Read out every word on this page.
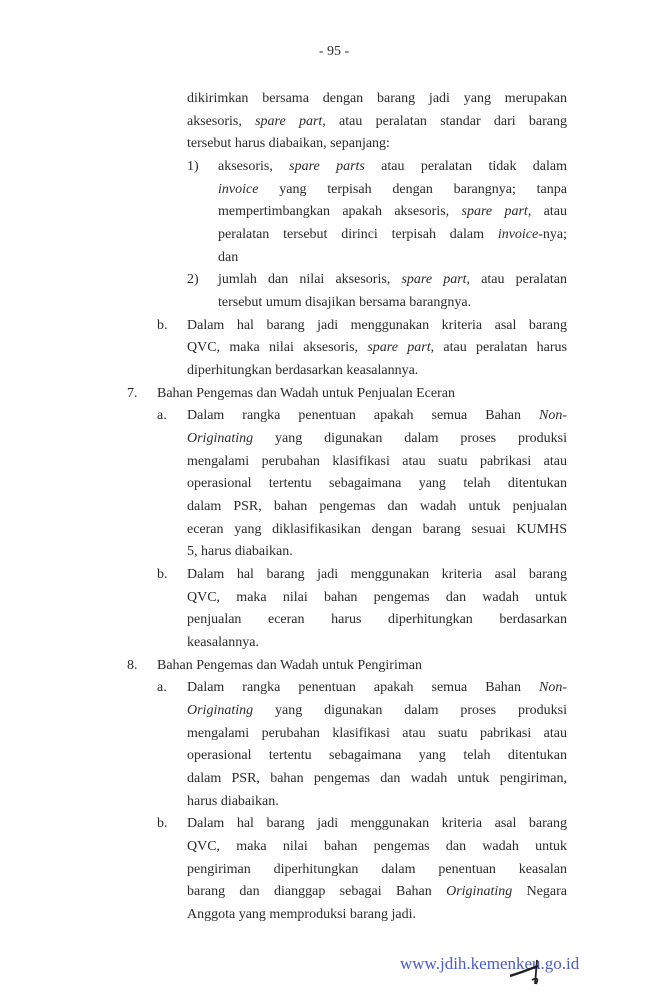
- 95 -
dikirimkan bersama dengan barang jadi yang merupakan
aksesoris, spare part, atau peralatan standar dari barang
tersebut harus diabaikan, sepanjang:
1) aksesoris, spare parts atau peralatan tidak dalam
invoice yang terpisah dengan barangnya; tanpa
mempertimbangkan apakah aksesoris, spare part, atau
peralatan tersebut dirinci terpisah dalam invoice-nya;
dan
2) jumlah dan nilai aksesoris, spare part, atau peralatan
tersebut umum disajikan bersama barangnya.
b. Dalam hal barang jadi menggunakan kriteria asal barang
QVC, maka nilai aksesoris, spare part, atau peralatan harus
diperhitungkan berdasarkan keasalannya.
7. Bahan Pengemas dan Wadah untuk Penjualan Eceran
a. Dalam rangka penentuan apakah semua Bahan Non-
Originating yang digunakan dalam proses produksi
mengalami perubahan klasifikasi atau suatu pabrikasi atau
operasional tertentu sebagaimana yang telah ditentukan
dalam PSR, bahan pengemas dan wadah untuk penjualan
eceran yang diklasifikasikan dengan barang sesuai KUMHS
5, harus diabaikan.
b. Dalam hal barang jadi menggunakan kriteria asal barang
QVC, maka nilai bahan pengemas dan wadah untuk
penjualan eceran harus diperhitungkan berdasarkan
keasalannya.
8. Bahan Pengemas dan Wadah untuk Pengiriman
a. Dalam rangka penentuan apakah semua Bahan Non-
Originating yang digunakan dalam proses produksi
mengalami perubahan klasifikasi atau suatu pabrikasi atau
operasional tertentu sebagaimana yang telah ditentukan
dalam PSR, bahan pengemas dan wadah untuk pengiriman,
harus diabaikan.
b. Dalam hal barang jadi menggunakan kriteria asal barang
QVC, maka nilai bahan pengemas dan wadah untuk
pengiriman diperhitungkan dalam penentuan keasalan
barang dan dianggap sebagai Bahan Originating Negara
Anggota yang memproduksi barang jadi.
www.jdih.kemenkeu.go.id
